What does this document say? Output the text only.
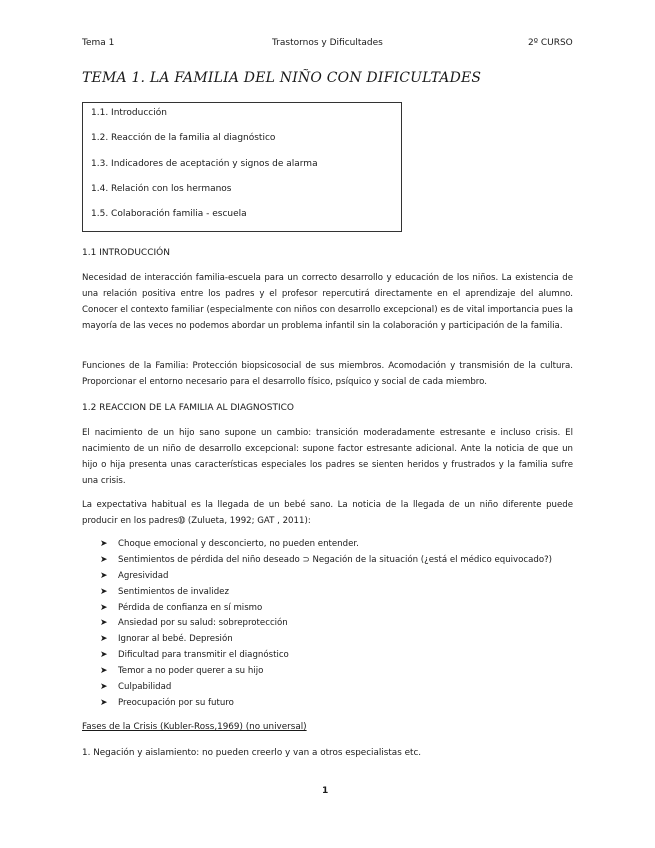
Tema 1	Trastornos y Dificultades	2º CURSO
TEMA 1. LA FAMILIA DEL NIÑO CON DIFICULTADES
1.1. Introducción
1.2. Reacción de la familia al diagnóstico
1.3. Indicadores de aceptación y signos de alarma
1.4. Relación con los hermanos
1.5. Colaboración familia - escuela
1.1 INTRODUCCIÓN

Necesidad de interacción familia-escuela para un correcto desarrollo y educación de los niños. La existencia de una relación positiva entre los padres y el profesor repercutirá directamente en el aprendizaje del alumno. Conocer el contexto familiar (especialmente con niños con desarrollo excepcional) es de vital importancia pues la mayoría de las veces no podemos abordar un problema infantil sin la colaboración y participación de la familia.

Funciones de la Familia: Protección biopsicosocial de sus miembros. Acomodación y transmisión de la cultura. Proporcionar el entorno necesario para el desarrollo físico, psíquico y social de cada miembro.

1.2 REACCION DE LA FAMILIA AL DIAGNOSTICO

El nacimiento de un hijo sano supone un cambio: transición moderadamente estresante e incluso crisis. El nacimiento de un niño de desarrollo excepcional: supone factor estresante adicional. Ante la noticia de que un hijo o hija presenta unas características especiales los padres se sienten heridos y frustrados y la familia sufre una crisis.

La expectativa habitual es la llegada de un bebé sano. La noticia de la llegada de un niño diferente puede producir en los padres➉ (Zulueta, 1992; GAT , 2011):

➤ Choque emocional y desconcierto, no pueden entender.
➤ Sentimientos de pérdida del niño deseado ⊃ Negación de la situación (¿está el médico equivocado?)
➤ Agresividad
➤ Sentimientos de invalidez
➤ Pérdida de confianza en sí mismo
➤ Ansiedad por su salud: sobreprotección
➤ Ignorar al bebé. Depresión
➤ Dificultad para transmitir el diagnóstico
➤ Temor a no poder querer a su hijo
➤ Culpabilidad
➤ Preocupación por su futuro
Fases de la Crisis (Kubler-Ross,1969) (no universal)
1. Negación y aislamiento: no pueden creerlo y van a otros especialistas etc.
1
